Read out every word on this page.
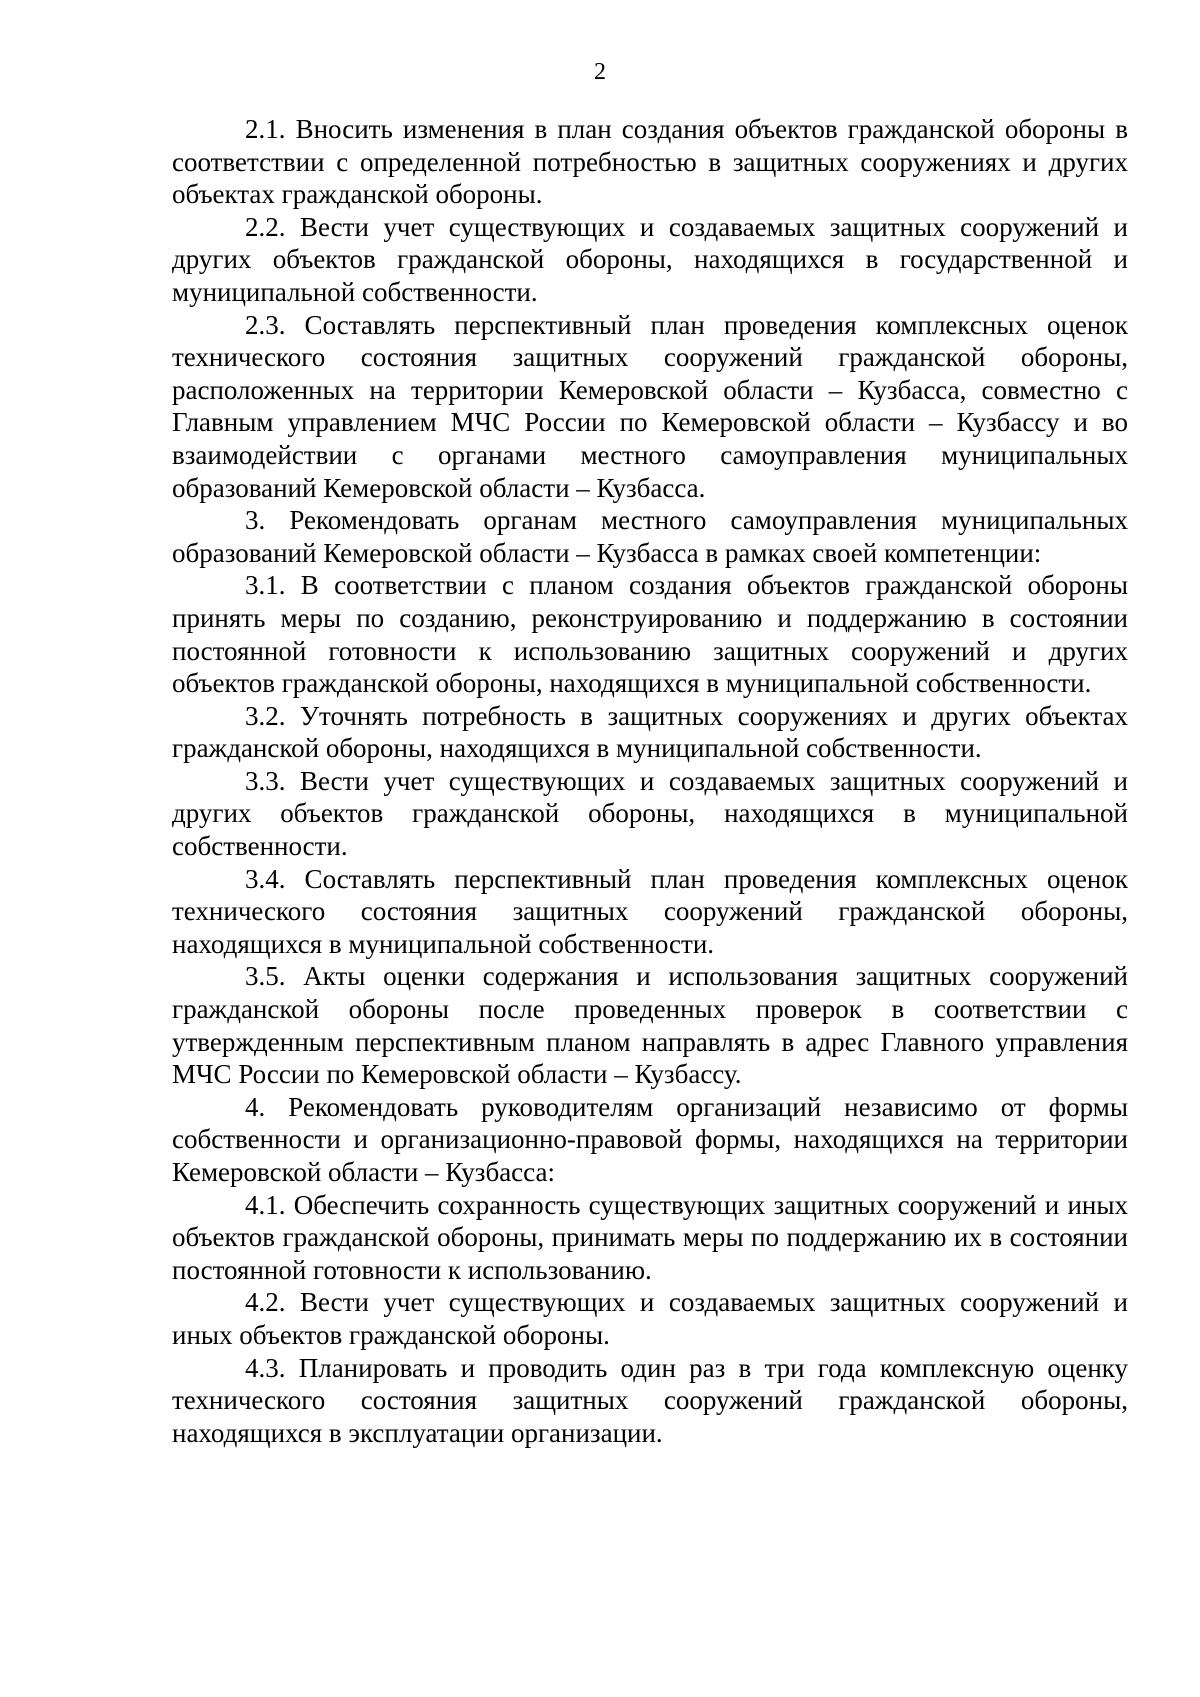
2

2.1. Вносить изменения в план создания объектов гражданской обороны в соответствии с определенной потребностью в защитных сооружениях и других объектах гражданской обороны.

2.2. Вести учет существующих и создаваемых защитных сооружений и других объектов гражданской обороны, находящихся в государственной и муниципальной собственности.

2.3. Составлять перспективный план проведения комплексных оценок технического состояния защитных сооружений гражданской обороны, расположенных на территории Кемеровской области – Кузбасса, совместно с Главным управлением МЧС России по Кемеровской области – Кузбассу и во взаимодействии с органами местного самоуправления муниципальных образований Кемеровской области – Кузбасса.

3. Рекомендовать органам местного самоуправления муниципальных образований Кемеровской области – Кузбасса в рамках своей компетенции:

3.1. В соответствии с планом создания объектов гражданской обороны принять меры по созданию, реконструированию и поддержанию в состоянии постоянной готовности к использованию защитных сооружений и других объектов гражданской обороны, находящихся в муниципальной собственности.

3.2. Уточнять потребность в защитных сооружениях и других объектах гражданской обороны, находящихся в муниципальной собственности.

3.3. Вести учет существующих и создаваемых защитных сооружений и других объектов гражданской обороны, находящихся в муниципальной собственности.

3.4. Составлять перспективный план проведения комплексных оценок технического состояния защитных сооружений гражданской обороны, находящихся в муниципальной собственности.

3.5. Акты оценки содержания и использования защитных сооружений гражданской обороны после проведенных проверок в соответствии с утвержденным перспективным планом направлять в адрес Главного управления МЧС России по Кемеровской области – Кузбассу.

4. Рекомендовать руководителям организаций независимо от формы собственности и организационно-правовой формы, находящихся на территории Кемеровской области – Кузбасса:

4.1. Обеспечить сохранность существующих защитных сооружений и иных объектов гражданской обороны, принимать меры по поддержанию их в состоянии постоянной готовности к использованию.

4.2. Вести учет существующих и создаваемых защитных сооружений и иных объектов гражданской обороны.

4.3. Планировать и проводить один раз в три года комплексную оценку технического состояния защитных сооружений гражданской обороны, находящихся в эксплуатации организации.
